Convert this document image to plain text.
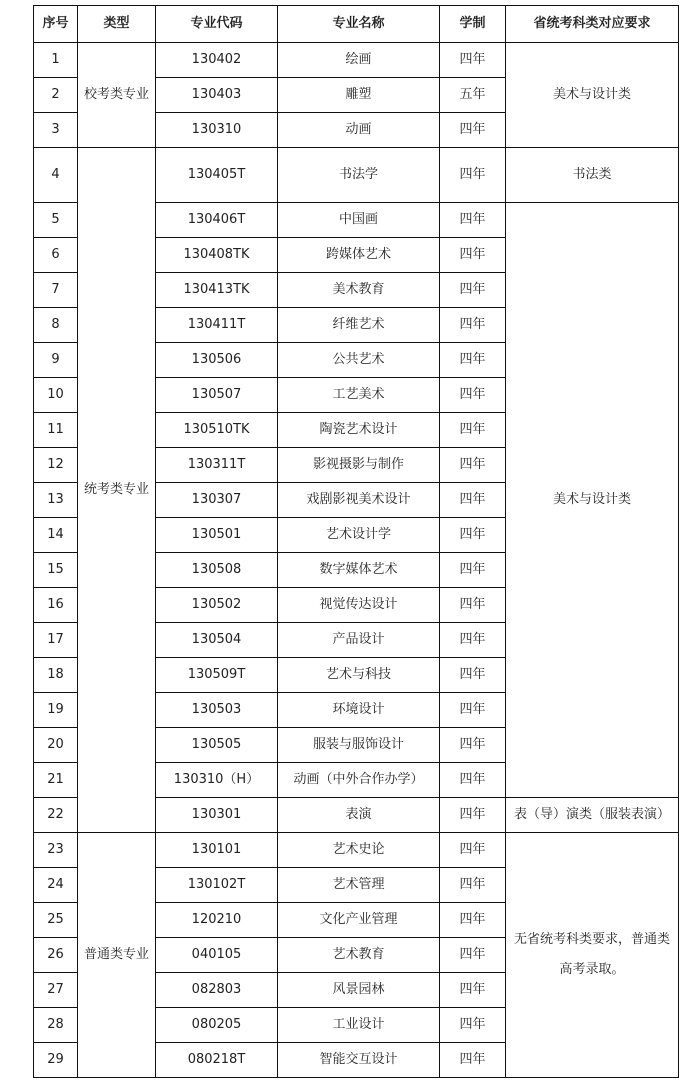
序号	类型	专业代码	专业名称	学制	省统考科类对应要求
1	校考类专业	130402	绘画	四年	美术与设计类
2		130403	雕塑	五年	
3		130310	动画	四年	
4	统考类专业	130405T	书法学	四年	书法类
5		130406T	中国画	四年	美术与设计类
6		130408TK	跨媒体艺术	四年	
7		130413TK	美术教育	四年	
8		130411T	纤维艺术	四年	
9		130506	公共艺术	四年	
10		130507	工艺美术	四年	
11		130510TK	陶瓷艺术设计	四年	
12		130311T	影视摄影与制作	四年	
13		130307	戏剧影视美术设计	四年	
14		130501	艺术设计学	四年	
15		130508	数字媒体艺术	四年	
16		130502	视觉传达设计	四年	
17		130504	产品设计	四年	
18		130509T	艺术与科技	四年	
19		130503	环境设计	四年	
20		130505	服装与服饰设计	四年	
21		130310（H）	动画（中外合作办学）	四年	
22		130301	表演	四年	表（导）演类（服装表演）
23	普通类专业	130101	艺术史论	四年	无省统考科类要求，普通类高考录取。
24		130102T	艺术管理	四年	
25		120210	文化产业管理	四年	
26		040105	艺术教育	四年	
27		082803	风景园林	四年	
28		080205	工业设计	四年	
29		080218T	智能交互设计	四年	
